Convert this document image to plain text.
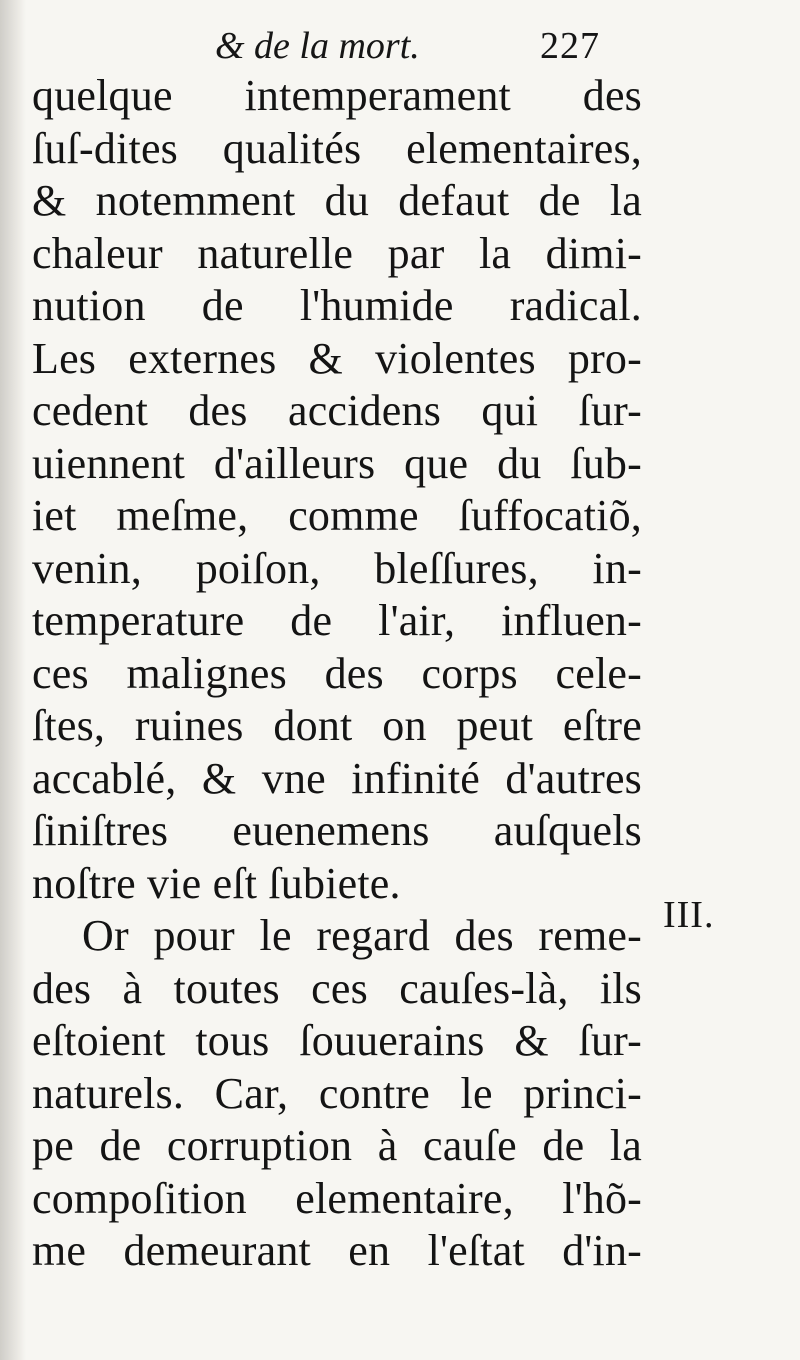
& de la mort.	227
quelque intemperament des
ſuſ-dites qualités elementaires,
& notemment du defaut de la
chaleur naturelle par la dimi-
nution de l'humide radical.
Les externes & violentes pro-
cedent des accidens qui ſur-
uiennent d'ailleurs que du ſub-
iet meſme, comme ſuffocatiõ,
venin, poiſon, bleſſures, in-
temperature de l'air, influen-
ces malignes des corps cele-
ſtes, ruines dont on peut eſtre
accablé, & vne infinité d'autres
ſiniſtres euenemens auſquels
noſtre vie eſt ſubiete.
Or pour le regard des reme-
des à toutes ces cauſes-là, ils
eſtoient tous ſouuerains & ſur-
naturels. Car, contre le princi-
pe de corruption à cauſe de la
compoſition elementaire, l'hõ-
me demeurant en l'eſtat d'in-
III.
